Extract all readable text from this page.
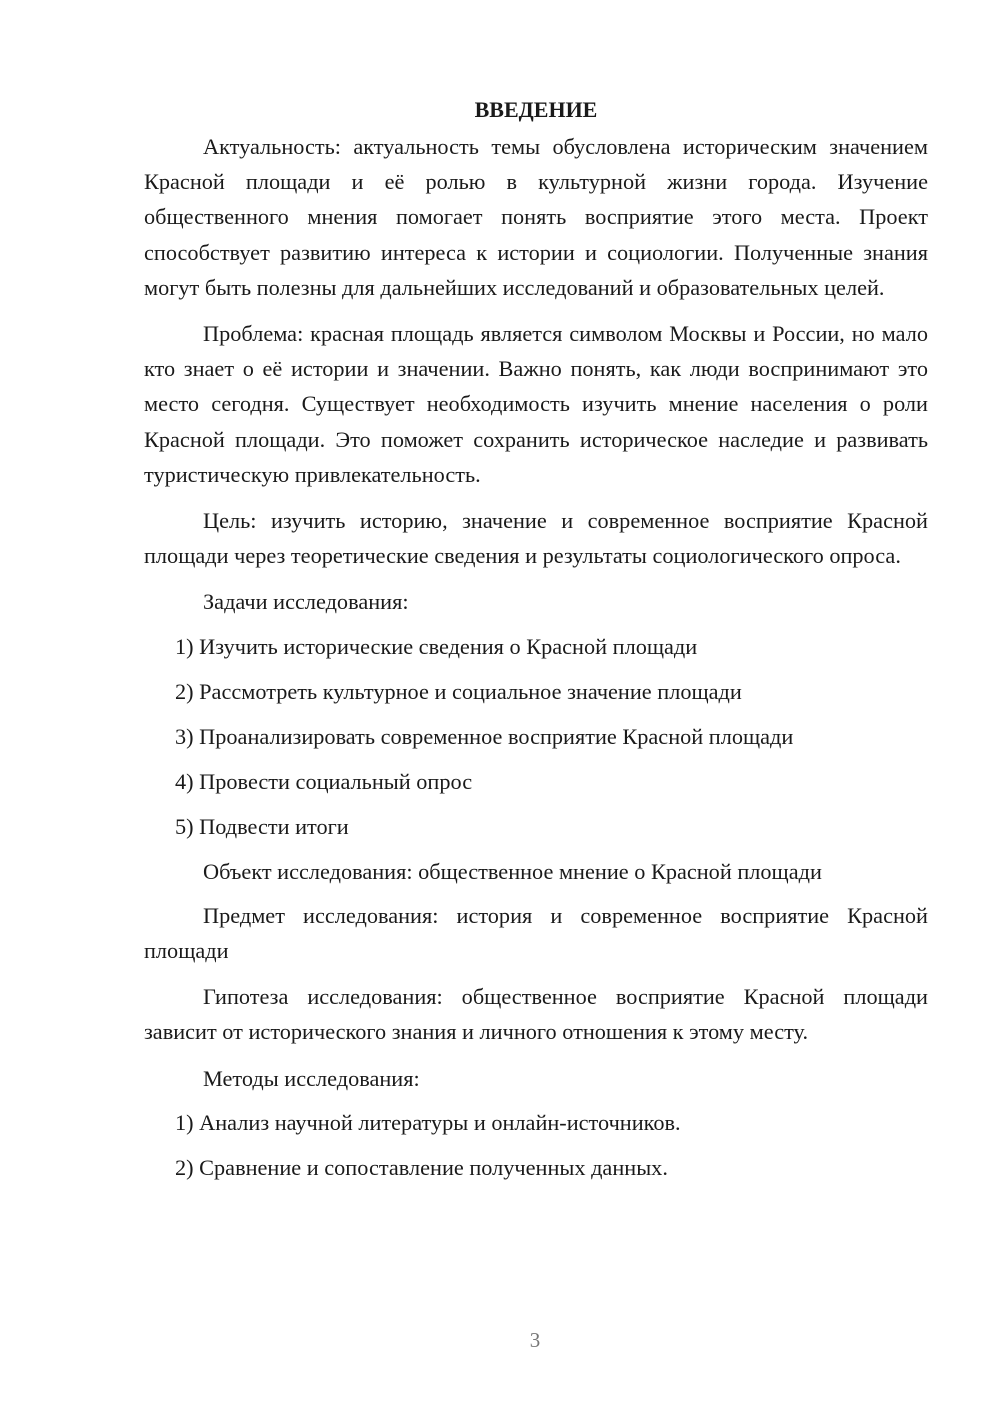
ВВЕДЕНИЕ

Актуальность: актуальность темы обусловлена историческим значением Красной площади и её ролью в культурной жизни города. Изучение общественного мнения помогает понять восприятие этого места. Проект способствует развитию интереса к истории и социологии. Полученные знания могут быть полезны для дальнейших исследований и образовательных целей.

Проблема: красная площадь является символом Москвы и России, но мало кто знает о её истории и значении. Важно понять, как люди воспринимают это место сегодня. Существует необходимость изучить мнение населения о роли Красной площади. Это поможет сохранить историческое наследие и развивать туристическую привлекательность.

Цель: изучить историю, значение и современное восприятие Красной площади через теоретические сведения и результаты социологического опроса.

Задачи исследования:

1) Изучить исторические сведения о Красной площади

2) Рассмотреть культурное и социальное значение площади

3) Проанализировать современное восприятие Красной площади

4) Провести социальный опрос

5) Подвести итоги

Объект исследования: общественное мнение о Красной площади

Предмет исследования: история и современное восприятие Красной площади

Гипотеза исследования: общественное восприятие Красной площади зависит от исторического знания и личного отношения к этому месту.

Методы исследования:

1) Анализ научной литературы и онлайн-источников.

2) Сравнение и сопоставление полученных данных.

3
